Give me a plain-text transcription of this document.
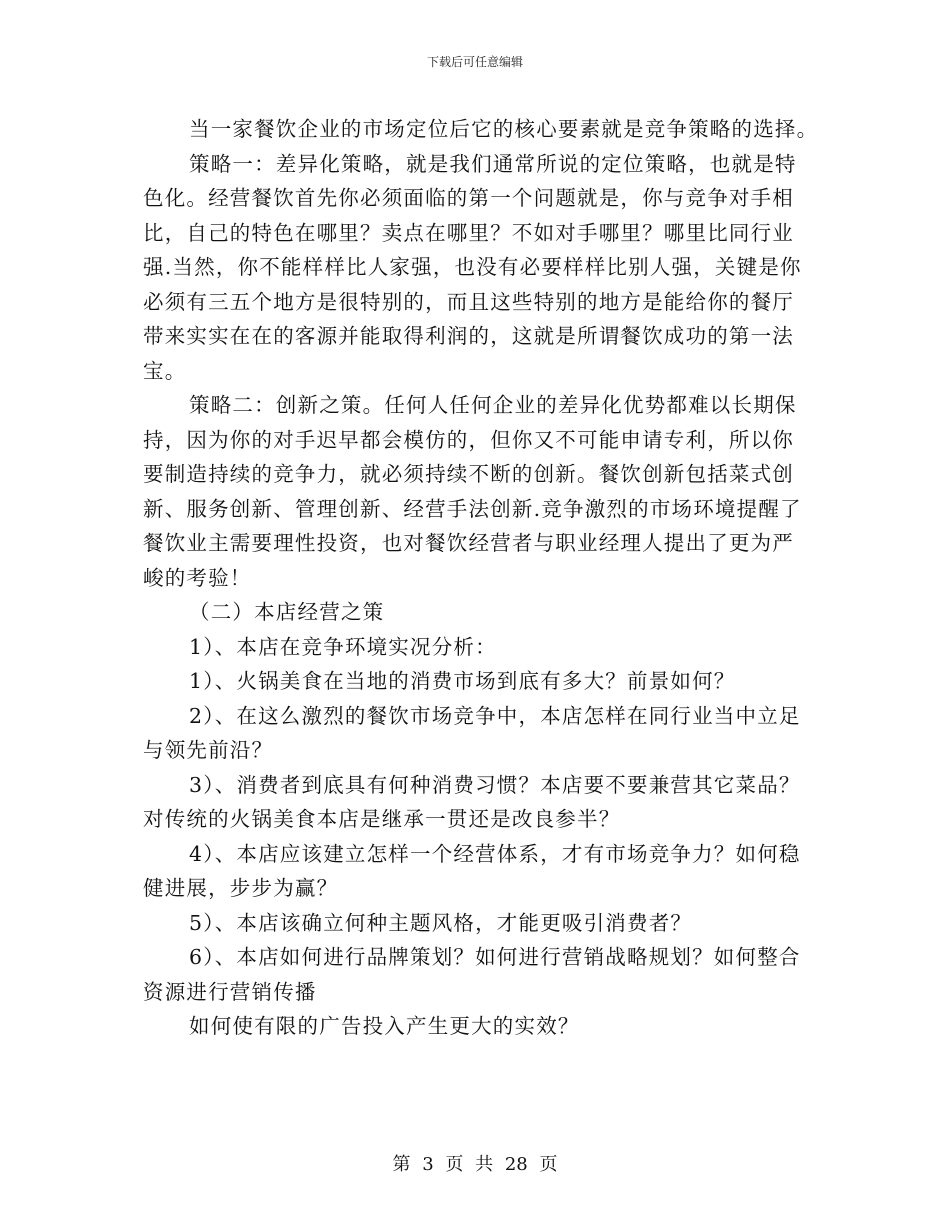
下载后可任意编辑
当一家餐饮企业的市场定位后它的核心要素就是竞争策略的选择。
策略一：差异化策略，就是我们通常所说的定位策略，也就是特
色化。经营餐饮首先你必须面临的第一个问题就是，你与竞争对手相
比，自己的特色在哪里？卖点在哪里？不如对手哪里？哪里比同行业
强.当然，你不能样样比人家强，也没有必要样样比别人强，关键是你
必须有三五个地方是很特别的，而且这些特别的地方是能给你的餐厅
带来实实在在的客源并能取得利润的，这就是所谓餐饮成功的第一法
宝。
策略二：创新之策。任何人任何企业的差异化优势都难以长期保
持，因为你的对手迟早都会模仿的，但你又不可能申请专利，所以你
要制造持续的竞争力，就必须持续不断的创新。餐饮创新包括菜式创
新、服务创新、管理创新、经营手法创新.竞争激烈的市场环境提醒了
餐饮业主需要理性投资，也对餐饮经营者与职业经理人提出了更为严
峻的考验！
（二）本店经营之策
1）、本店在竞争环境实况分析：
1）、火锅美食在当地的消费市场到底有多大？前景如何？
2）、在这么激烈的餐饮市场竞争中，本店怎样在同行业当中立足
与领先前沿？
3）、消费者到底具有何种消费习惯？本店要不要兼营其它菜品？
对传统的火锅美食本店是继承一贯还是改良参半？
4）、本店应该建立怎样一个经营体系，才有市场竞争力？如何稳
健进展，步步为赢？
5）、本店该确立何种主题风格，才能更吸引消费者？
6）、本店如何进行品牌策划？如何进行营销战略规划？如何整合
资源进行营销传播
如何使有限的广告投入产生更大的实效？
第 3 页 共 28 页
